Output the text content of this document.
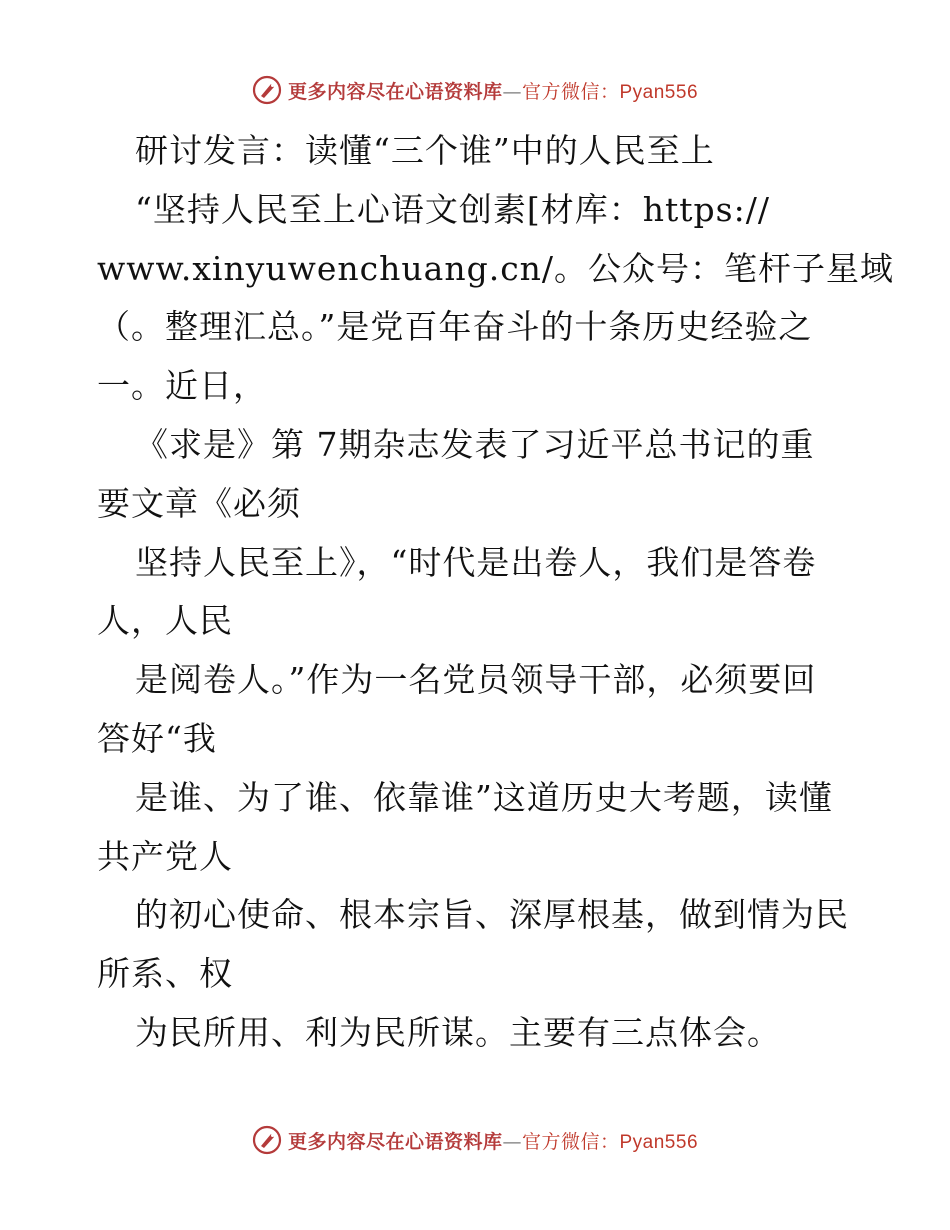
更多内容尽在心语资料库—官方微信：Pyan556
研讨发言：读懂“三个谁”中的人民至上
“坚持人民至上心语文创素[材库：https://
www.xinyuwenchuang.cn/。公众号：笔杆子星域
（。整理汇总。”是党百年奋斗的十条历史经验之
一。近日，
《求是》第 7期杂志发表了习近平总书记的重
要文章《必须
坚持人民至上》，“时代是出卷人，我们是答卷
人，人民
是阅卷人。”作为一名党员领导干部，必须要回
答好“我
是谁、为了谁、依靠谁”这道历史大考题，读懂
共产党人
的初心使命、根本宗旨、深厚根基，做到情为民
所系、权
为民所用、利为民所谋。主要有三点体会。
更多内容尽在心语资料库—官方微信：Pyan556
